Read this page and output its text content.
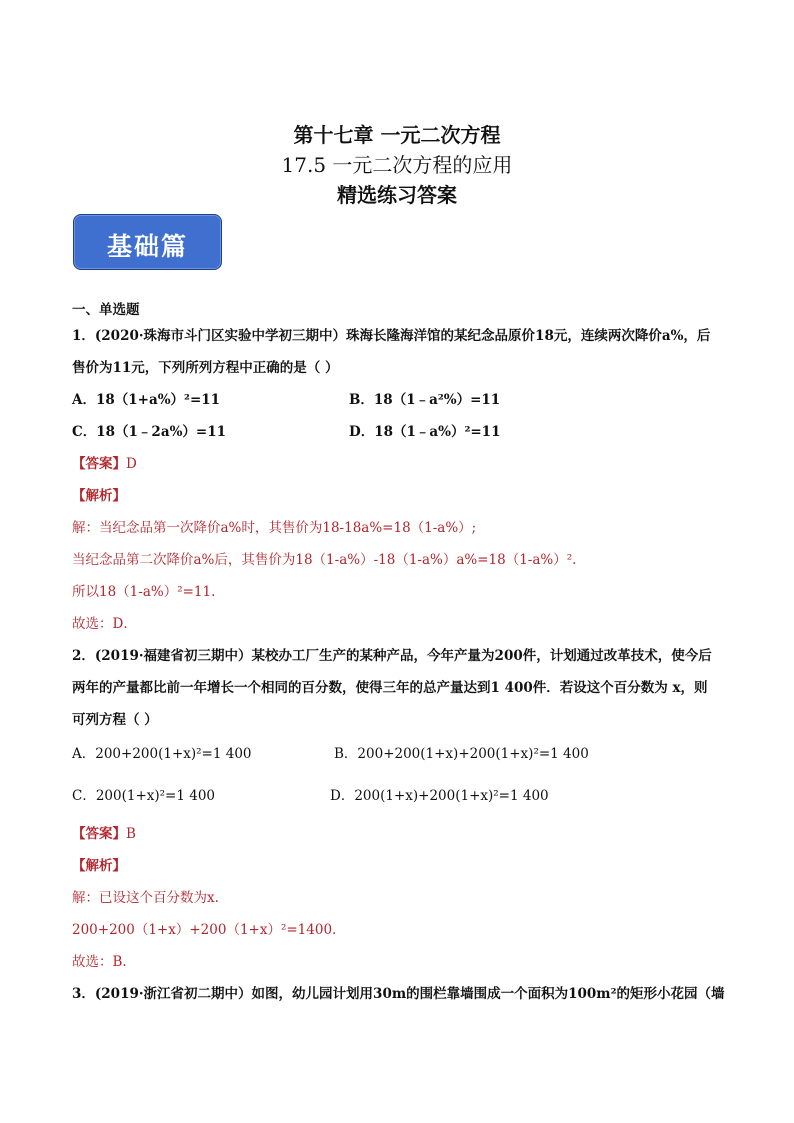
第十七章 一元二次方程
17.5 一元二次方程的应用
精选练习答案
基础篇
一、单选题
1．(2020·珠海市斗门区实验中学初三期中）珠海长隆海洋馆的某纪念品原价18元，连续两次降价a%，后
售价为11元，下列所列方程中正确的是（ ）
A．18（1+a%）²=11	B．18（1﹣a²%）=11
C．18（1﹣2a%）=11	D．18（1﹣a%）²=11
【答案】D
【解析】
解：当纪念品第一次降价a%时，其售价为18-18a%=18（1-a%）;
当纪念品第二次降价a%后，其售价为18（1-a%）-18（1-a%）a%=18（1-a%）².
所以18（1-a%）²=11.
故选：D．
2．(2019·福建省初三期中）某校办工厂生产的某种产品，今年产量为200件，计划通过改革技术，使今后
两年的产量都比前一年增长一个相同的百分数，使得三年的总产量达到1 400件．若设这个百分数为 x，则
可列方程（ ）
A．200+200(1+x)²=1 400	B．200+200(1+x)+200(1+x)²=1 400
C．200(1+x)²=1 400	D．200(1+x)+200(1+x)²=1 400
【答案】B
【解析】
解：已设这个百分数为x.
200+200（1+x）+200（1+x）²=1400.
故选：B.
3．(2019·浙江省初二期中）如图，幼儿园计划用30m的围栏靠墙围成一个面积为100m²的矩形小花园（墙
